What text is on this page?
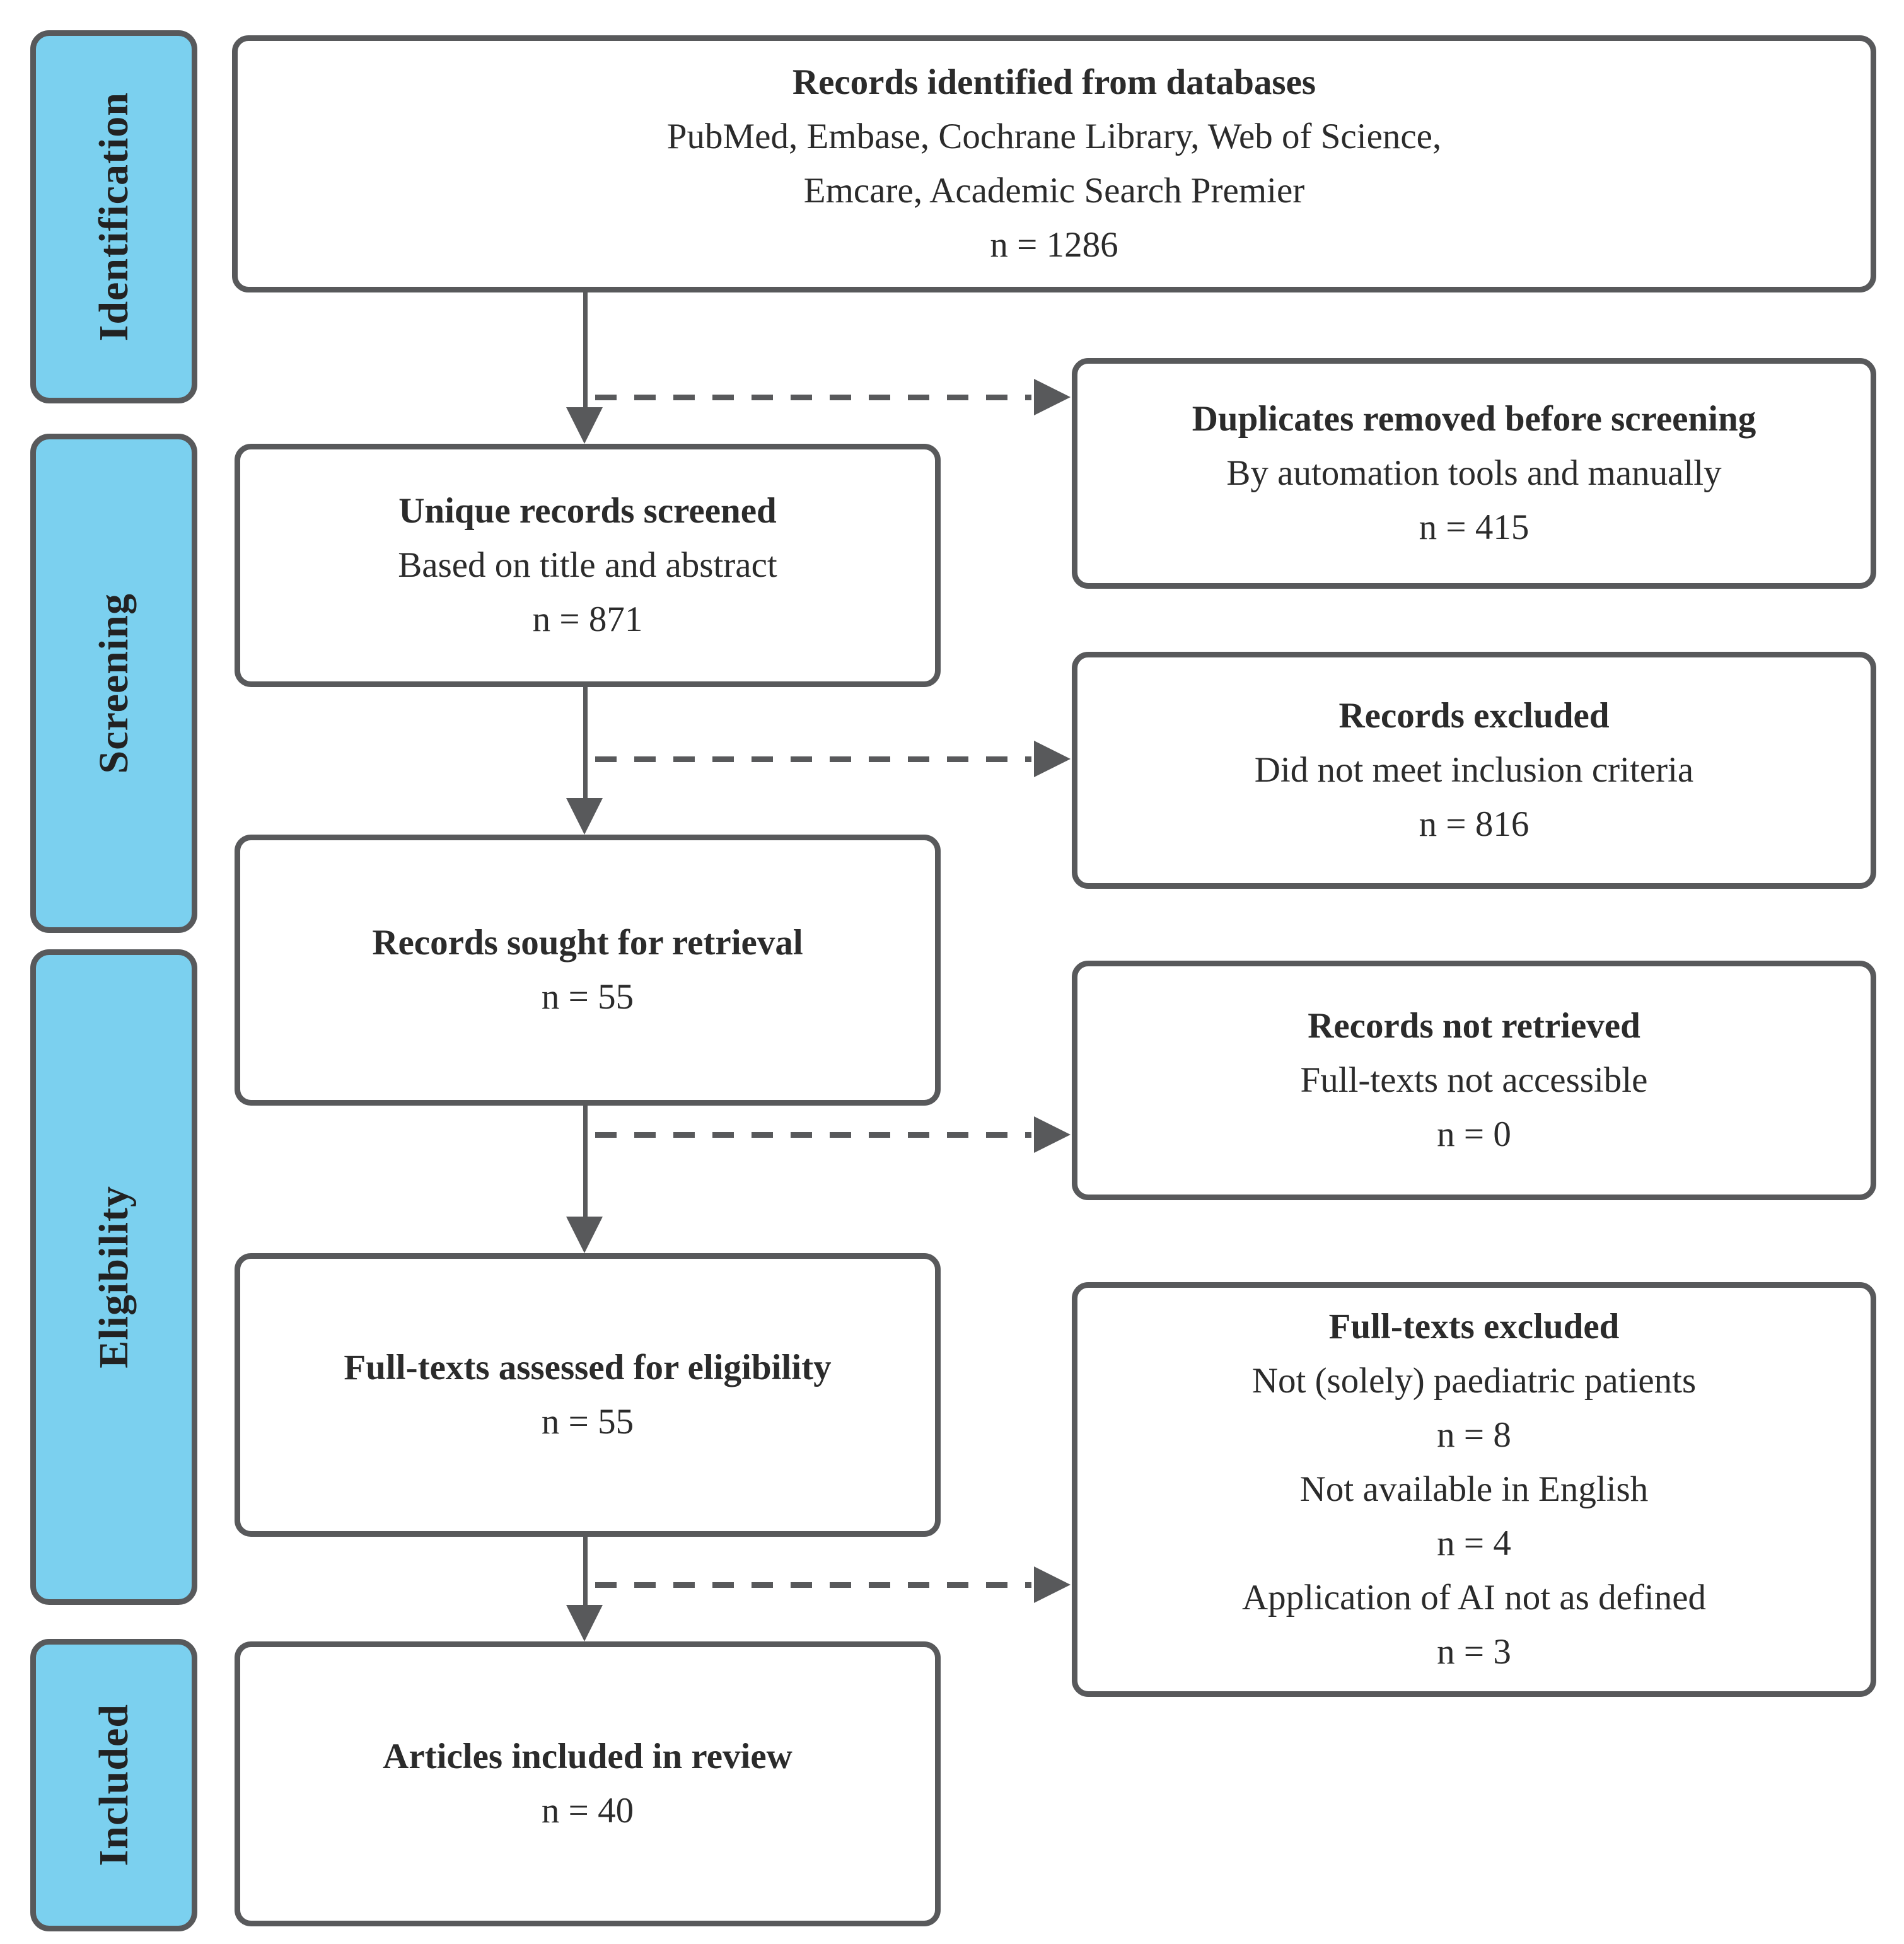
Identification
Screening
Eligibility
Included
Records identified from databases
PubMed, Embase, Cochrane Library, Web of Science,
Emcare, Academic Search Premier
n = 1286
Unique records screened
Based on title and abstract
n = 871
Records sought for retrieval
n = 55
Full-texts assessed for eligibility
n = 55
Articles included in review
n = 40
Duplicates removed before screening
By automation tools and manually
n = 415
Records excluded
Did not meet inclusion criteria
n = 816
Records not retrieved
Full-texts not accessible
n = 0
Full-texts excluded
Not (solely) paediatric patients
n = 8
Not available in English
n = 4
Application of AI not as defined
n = 3
